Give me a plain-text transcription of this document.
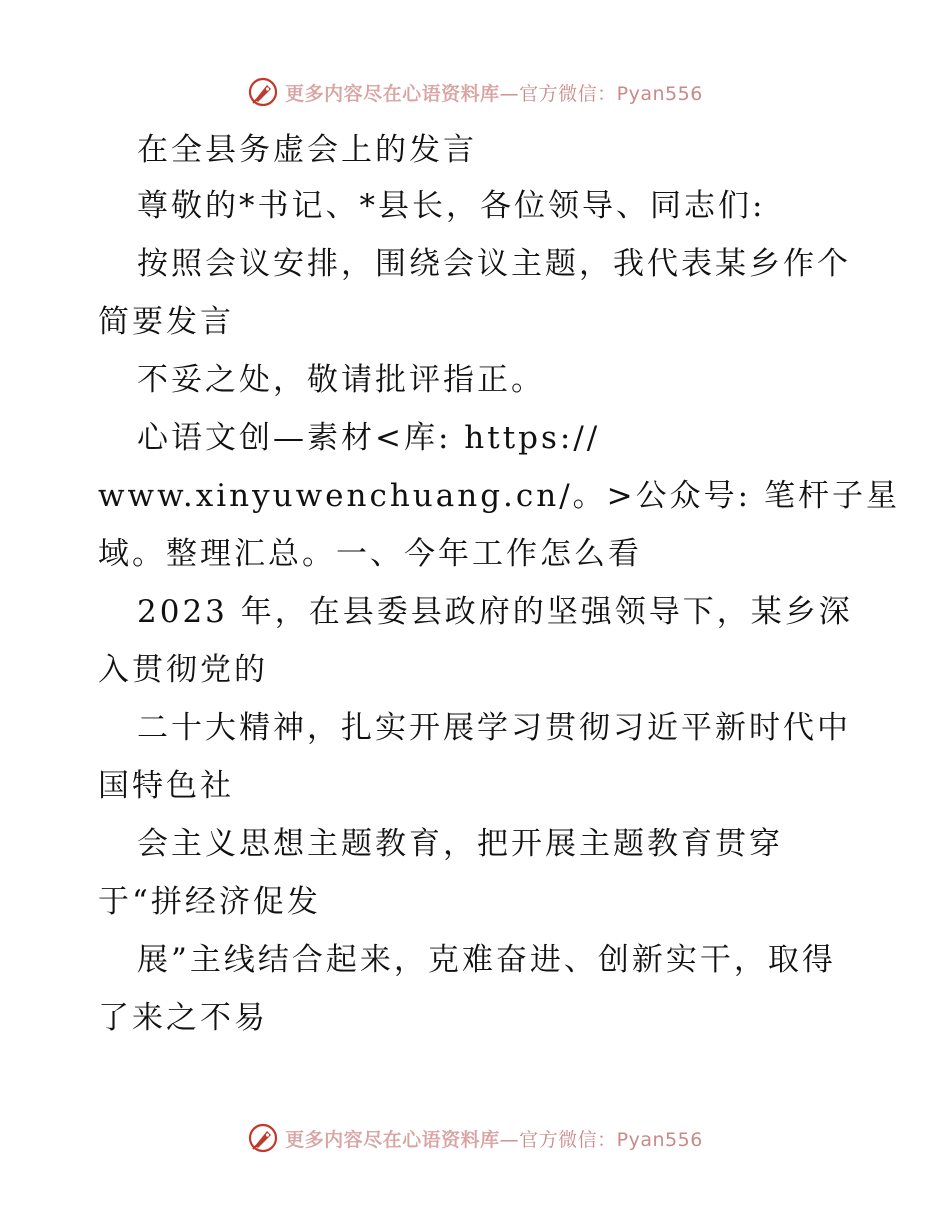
更多内容尽在心语资料库—官方微信：Pyan556
在全县务虚会上的发言
尊敬的*书记、*县长，各位领导、同志们:
按照会议安排，围绕会议主题，我代表某乡作个
简要发言
不妥之处，敬请批评指正。
心语文创—素材<库: https://
www.xinyuwenchuang.cn/。>公众号: 笔杆子星
域。整理汇总。一、今年工作怎么看
2023 年，在县委县政府的坚强领导下，某乡深
入贯彻党的
二十大精神，扎实开展学习贯彻习近平新时代中
国特色社
会主义思想主题教育，把开展主题教育贯穿
于“拼经济促发
展”主线结合起来，克难奋进、创新实干，取得
了来之不易
更多内容尽在心语资料库—官方微信：Pyan556
